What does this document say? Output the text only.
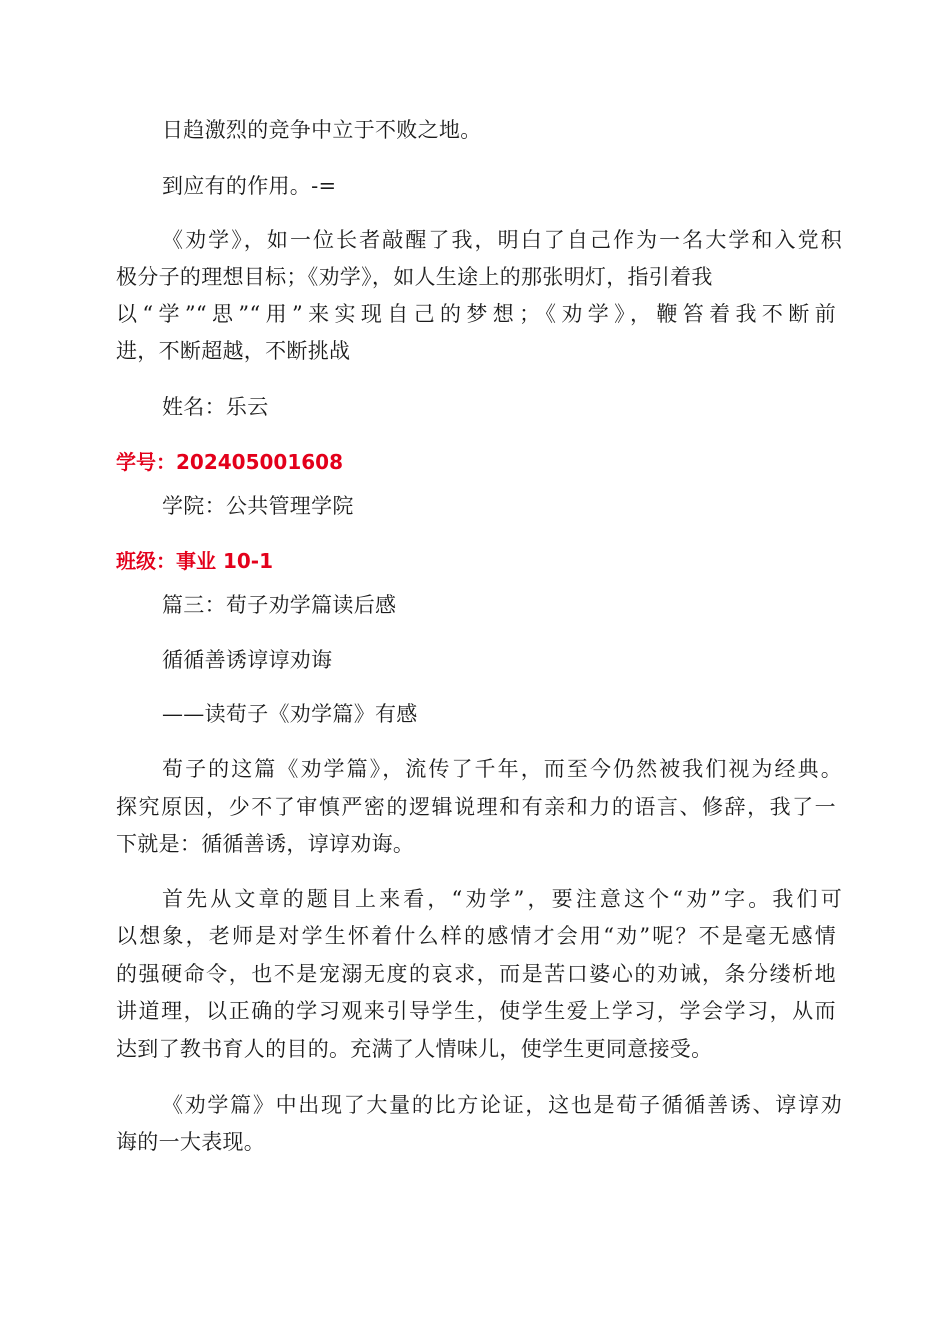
日趋激烈的竞争中立于不败之地。
到应有的作用。-=
《劝学》，如一位长者敲醒了我，明白了自己作为一名大学和入党积
极分子的理想目标；《劝学》，如人生途上的那张明灯，指引着我
以“学”“思”“用”来实现自己的梦想；《劝学》，鞭笞着我不断前
进，不断超越，不断挑战
姓名：乐云
学号：202405001608
学院：公共管理学院
班级：事业 10-1
篇三：荀子劝学篇读后感
循循善诱谆谆劝诲
——读荀子《劝学篇》有感
荀子的这篇《劝学篇》，流传了千年，而至今仍然被我们视为经典。
探究原因，少不了审慎严密的逻辑说理和有亲和力的语言、修辞，我了一
下就是：循循善诱，谆谆劝诲。
首先从文章的题目上来看，“劝学”，要注意这个“劝”字。我们可
以想象，老师是对学生怀着什么样的感情才会用“劝”呢？不是毫无感情
的强硬命令，也不是宠溺无度的哀求，而是苦口婆心的劝诫，条分缕析地
讲道理，以正确的学习观来引导学生，使学生爱上学习，学会学习，从而
达到了教书育人的目的。充满了人情味儿，使学生更同意接受。
《劝学篇》中出现了大量的比方论证，这也是荀子循循善诱、谆谆劝
诲的一大表现。
